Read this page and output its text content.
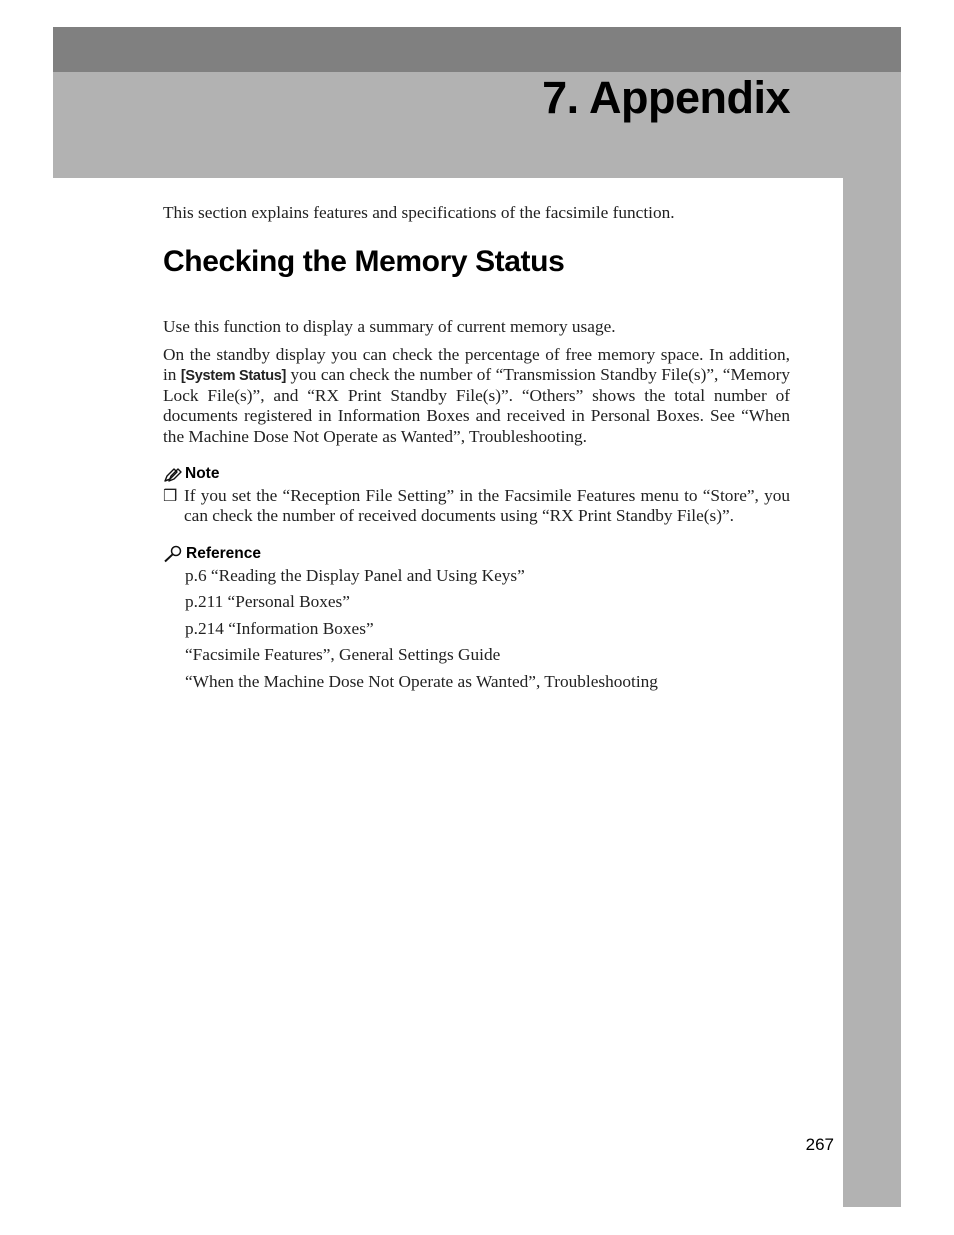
7. Appendix

This section explains features and specifications of the facsimile function.

Checking the Memory Status

Use this function to display a summary of current memory usage.

On the standby display you can check the percentage of free memory space. In addition, in [System Status] you can check the number of “Transmission Standby File(s)”, “Memory Lock File(s)”, and “RX Print Standby File(s)”. “Others” shows the total number of documents registered in Information Boxes and received in Personal Boxes. See “When the Machine Dose Not Operate as Wanted”, Troubleshooting.

Note
❒ If you set the “Reception File Setting” in the Facsimile Features menu to “Store”, you can check the number of received documents using “RX Print Standby File(s)”.

Reference

p.6 “Reading the Display Panel and Using Keys”

p.211 “Personal Boxes”

p.214 “Information Boxes”

“Facsimile Features”, General Settings Guide

“When the Machine Dose Not Operate as Wanted”, Troubleshooting

267
